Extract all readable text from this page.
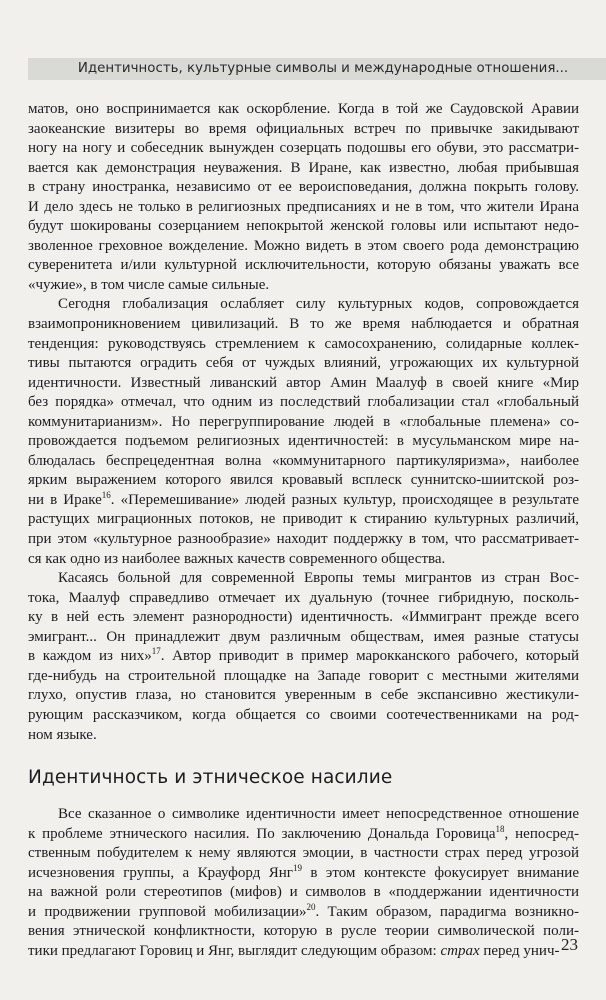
Идентичность, культурные символы и международные отношения...

матов, оно воспринимается как оскорбление. Когда в той же Саудовской Аравии
заокеанские визитеры во время официальных встреч по привычке закидывают
ногу на ногу и собеседник вынужден созерцать подошвы его обуви, это рассматри-
вается как демонстрация неуважения. В Иране, как известно, любая прибывшая
в страну иностранка, независимо от ее вероисповедания, должна покрыть голову.
И дело здесь не только в религиозных предписаниях и не в том, что жители Ирана
будут шокированы созерцанием непокрытой женской головы или испытают недо-
зволенное греховное вожделение. Можно видеть в этом своего рода демонстрацию
суверенитета и/или культурной исключительности, которую обязаны уважать все
«чужие», в том числе самые сильные.

Сегодня глобализация ослабляет силу культурных кодов, сопровождается
взаимопроникновением цивилизаций. В то же время наблюдается и обратная
тенденция: руководствуясь стремлением к самосохранению, солидарные коллек-
тивы пытаются оградить себя от чуждых влияний, угрожающих их культурной
идентичности. Известный ливанский автор Амин Маалуф в своей книге «Мир
без порядка» отмечал, что одним из последствий глобализации стал «глобальный
коммунитарианизм». Но перегруппирование людей в «глобальные племена» со-
провождается подъемом религиозных идентичностей: в мусульманском мире на-
блюдалась беспрецедентная волна «коммунитарного партикуляризма», наиболее
ярким выражением которого явился кровавый всплеск суннитско-шиитской роз-
ни в Ираке$^{16}$. «Перемешивание» людей разных культур, происходящее в результате
растущих миграционных потоков, не приводит к стиранию культурных различий,
при этом «культурное разнообразие» находит поддержку в том, что рассматривает-
ся как одно из наиболее важных качеств современного общества.

Касаясь больной для современной Европы темы мигрантов из стран Вос-
тока, Маалуф справедливо отмечает их дуальную (точнее гибридную, посколь-
ку в ней есть элемент разнородности) идентичность. «Иммигрант прежде всего
эмигрант... Он принадлежит двум различным обществам, имея разные статусы
в каждом из них»$^{17}$. Автор приводит в пример марокканского рабочего, который
где-нибудь на строительной площадке на Западе говорит с местными жителями
глухо, опустив глаза, но становится уверенным в себе экспансивно жестикули-
рующим рассказчиком, когда общается со своими соотечественниками на род-
ном языке.

Идентичность и этническое насилие

Все сказанное о символике идентичности имеет непосредственное отношение
к проблеме этнического насилия. По заключению Дональда Горовица$^{18}$, непосред-
ственным побудителем к нему являются эмоции, в частности страх перед угрозой
исчезновения группы, а Крауфорд Янг$^{19}$ в этом контексте фокусирует внимание
на важной роли стереотипов (мифов) и символов в «поддержании идентичности
и продвижении групповой мобилизации»$^{20}$. Таким образом, парадигма возникно-
вения этнической конфликтности, которую в русле теории символической поли-
тики предлагают Горовиц и Янг, выглядит следующим образом: страх перед унич- 23
